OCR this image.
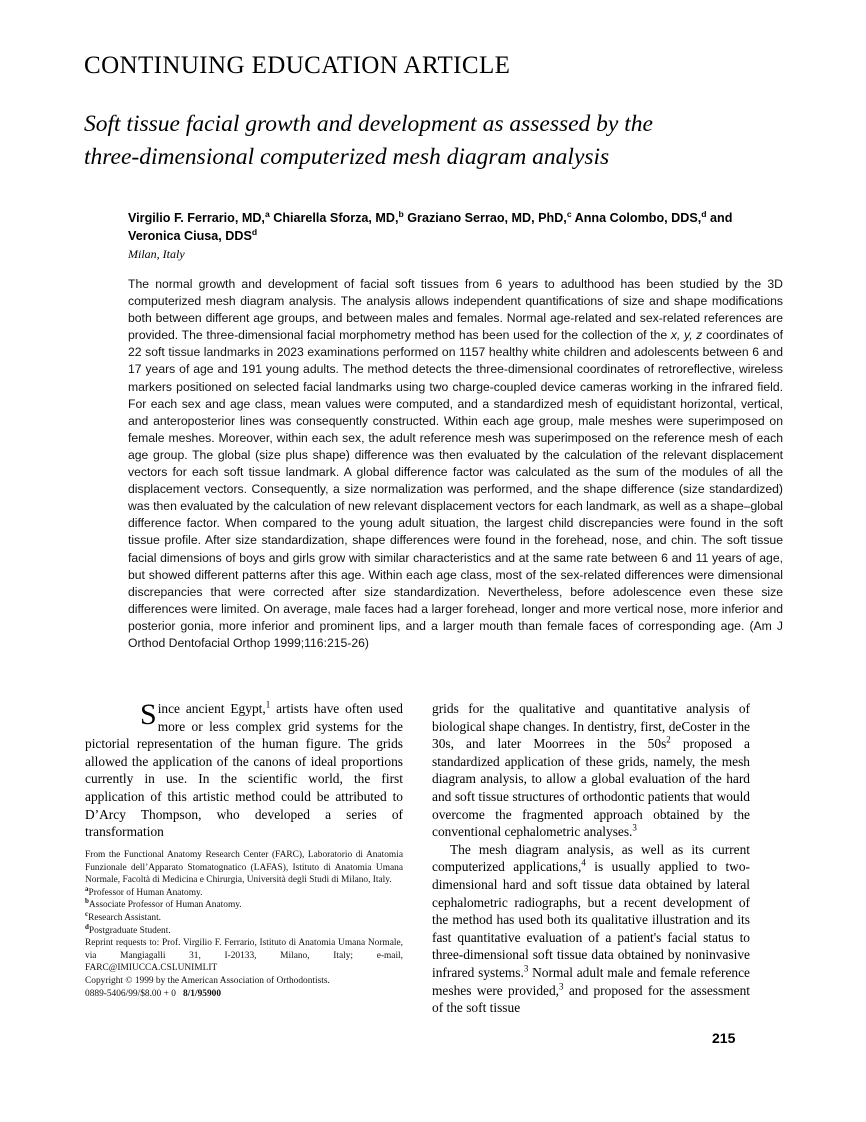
CONTINUING EDUCATION ARTICLE
Soft tissue facial growth and development as assessed by the
three-dimensional computerized mesh diagram analysis
Virgilio F. Ferrario, MD,$^a$ Chiarella Sforza, MD,$^b$ Graziano Serrao, MD, PhD,$^c$ Anna Colombo, DDS,$^d$ and Veronica Ciusa, DDS$^d$
Milan, Italy
The normal growth and development of facial soft tissues from 6 years to adulthood has been studied by the 3D computerized mesh diagram analysis. The analysis allows independent quantifications of size and shape modifications both between different age groups, and between males and females. Normal age-related and sex-related references are provided. The three-dimensional facial morphometry method has been used for the collection of the x, y, z coordinates of 22 soft tissue landmarks in 2023 examinations performed on 1157 healthy white children and adolescents between 6 and 17 years of age and 191 young adults. The method detects the three-dimensional coordinates of retroreflective, wireless markers positioned on selected facial landmarks using two charge-coupled device cameras working in the infrared field. For each sex and age class, mean values were computed, and a standardized mesh of equidistant horizontal, vertical, and anteroposterior lines was consequently constructed. Within each age group, male meshes were superimposed on female meshes. Moreover, within each sex, the adult reference mesh was superimposed on the reference mesh of each age group. The global (size plus shape) difference was then evaluated by the calculation of the relevant displacement vectors for each soft tissue landmark. A global difference factor was calculated as the sum of the modules of all the displacement vectors. Consequently, a size normalization was performed, and the shape difference (size standardized) was then evaluated by the calculation of new relevant displacement vectors for each landmark, as well as a shape–global difference factor. When compared to the young adult situation, the largest child discrepancies were found in the soft tissue profile. After size standardization, shape differences were found in the forehead, nose, and chin. The soft tissue facial dimensions of boys and girls grow with similar characteristics and at the same rate between 6 and 11 years of age, but showed different patterns after this age. Within each age class, most of the sex-related differences were dimensional discrepancies that were corrected after size standardization. Nevertheless, before adolescence even these size differences were limited. On average, male faces had a larger forehead, longer and more vertical nose, more inferior and posterior gonia, more inferior and prominent lips, and a larger mouth than female faces of corresponding age. (Am J Orthod Dentofacial Orthop 1999;116:215-26)

Since ancient Egypt,$^1$ artists have often used more or less complex grid systems for the pictorial representation of the human figure. The grids allowed the application of the canons of ideal proportions currently in use. In the scientific world, the first application of this artistic method could be attributed to D’Arcy Thompson, who developed a series of transformation

grids for the qualitative and quantitative analysis of biological shape changes. In dentistry, first, deCoster in the 30s, and later Moorrees in the $50s^2$ proposed a standardized application of these grids, namely, the mesh diagram analysis, to allow a global evaluation of the hard and soft tissue structures of orthodontic patients that would overcome the fragmented approach obtained by the conventional cephalometric analyses.$^3$

The mesh diagram analysis, as well as its current computerized applications,$^4$ is usually applied to two-dimensional hard and soft tissue data obtained by lateral cephalometric radiographs, but a recent development of the method has used both its qualitative illustration and its fast quantitative evaluation of a patient's facial status to three-dimensional soft tissue data obtained by noninvasive infrared systems.$^3$ Normal adult male and female reference meshes were provided,$^3$ and proposed for the assessment of the soft tissue

From the Functional Anatomy Research Center (FARC), Laboratorio di Anatomia Funzionale dell’Apparato Stomatognatico (LAFAS), Istituto di Anatomia Umana Normale, Facoltà di Medicina e Chirurgia, Università degli Studi di Milano, Italy.

$^a$Professor of Human Anatomy.

$^b$Associate Professor of Human Anatomy.

$^c$Research Assistant.

$^d$Postgraduate Student.

Reprint requests to: Prof. Virgilio F. Ferrario, Istituto di Anatomia Umana Normale, via Mangiagalli 31, I-20133, Milano, Italy; e-mail, FARC@IMIUCCA.CSLUNIMLIT

Copyright © 1999 by the American Association of Orthodontists.

0889-5406/99/$8.00 + 0 8/1/95900

215
